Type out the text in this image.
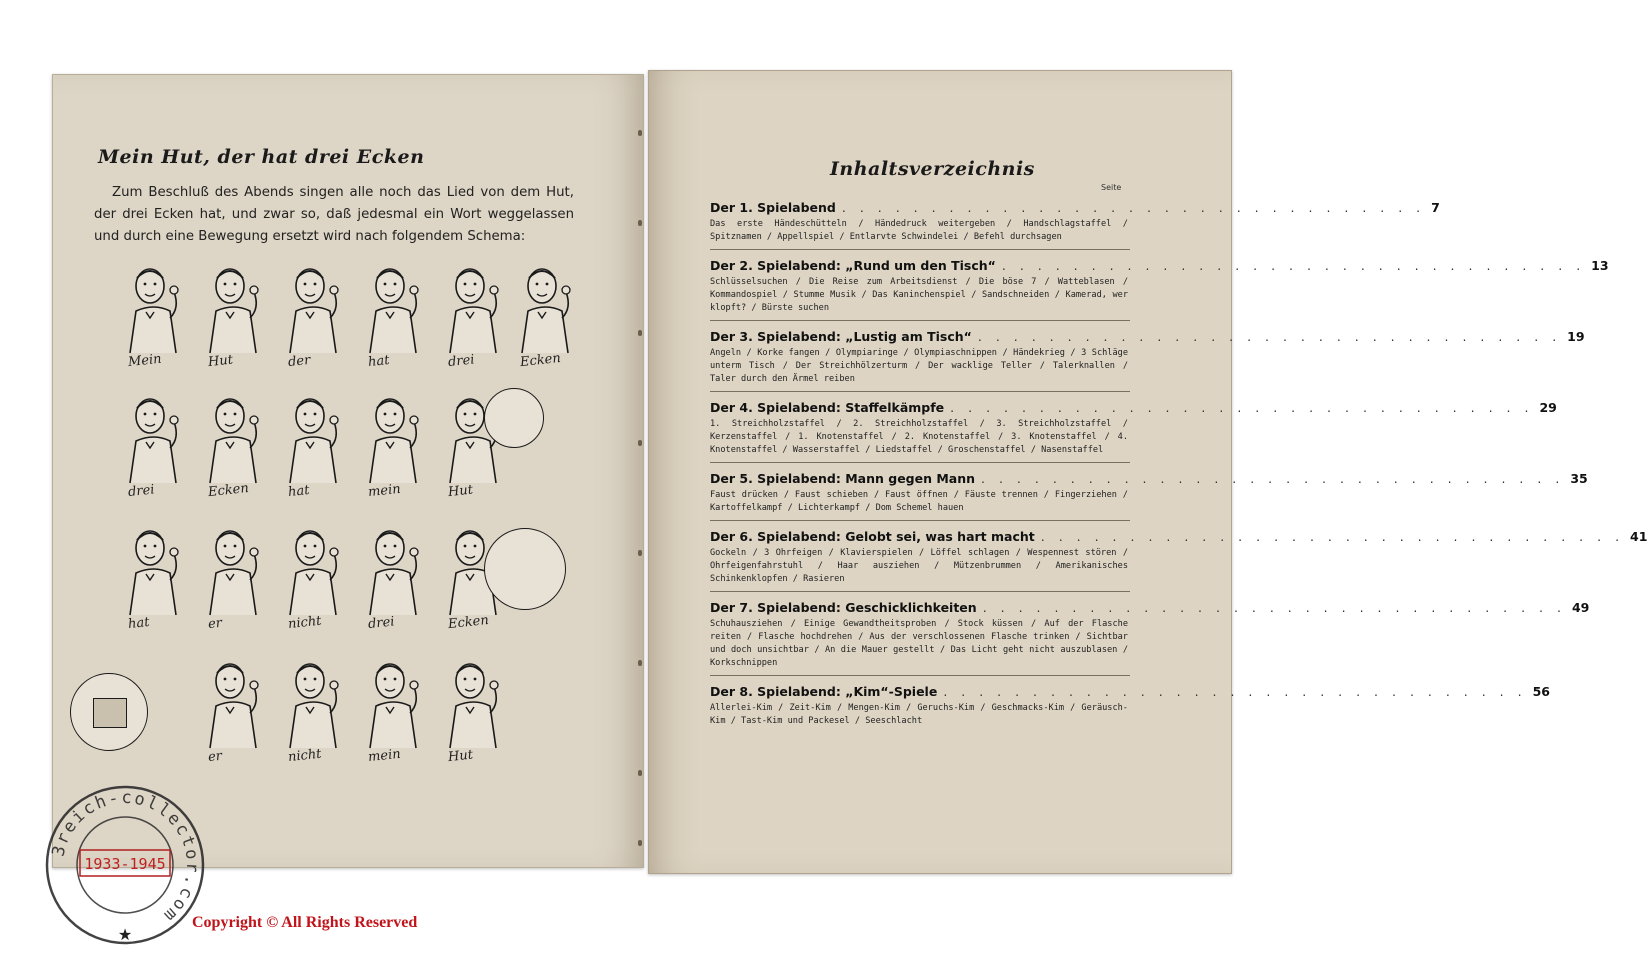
Mein Hut, der hat drei Ecken

Zum Beschluß des Abends singen alle noch das Lied von dem Hut, der drei Ecken hat, und zwar so, daß jedesmal ein Wort weggelassen und durch eine Bewegung ersetzt wird nach folgendem Schema:

Mein	Hut	der	hat	drei	Ecken
drei	Ecken	hat	mein	Hut
hat	er	nicht	drei	Ecken
er	nicht	mein	Hut
Inhaltsverzeichnis
Seite
Der 1. Spielabend . . . . . . . . . . . . . . . . . . . . . . . . . . . . . . . . . 7
Das erste Händeschütteln / Händedruck weitergeben / Handschlagstaffel / Spitznamen / Appellspiel / Entlarvte Schwindelei / Befehl durchsagen
Der 2. Spielabend: „Rund um den Tisch“ . . . . . . . . . . . . . . . . . . . . . . . . . . . . . . . . . 13
Schlüsselsuchen / Die Reise zum Arbeitsdienst / Die böse 7 / Watteblasen / Kommandospiel / Stumme Musik / Das Kaninchenspiel / Sandschneiden / Kamerad, wer klopft? / Bürste suchen
Der 3. Spielabend: „Lustig am Tisch“ . . . . . . . . . . . . . . . . . . . . . . . . . . . . . . . . . 19
Angeln / Korke fangen / Olympiaringe / Olympiaschnippen / Händekrieg / 3 Schläge unterm Tisch / Der Streichhölzerturm / Der wacklige Teller / Talerknallen / Taler durch den Ärmel reiben
Der 4. Spielabend: Staffelkämpfe . . . . . . . . . . . . . . . . . . . . . . . . . . . . . . . . . 29
1. Streichholzstaffel / 2. Streichholzstaffel / 3. Streichholzstaffel / Kerzenstaffel / 1. Knotenstaffel / 2. Knotenstaffel / 3. Knotenstaffel / 4. Knotenstaffel / Wasserstaffel / Liedstaffel / Groschenstaffel / Nasenstaffel
Der 5. Spielabend: Mann gegen Mann . . . . . . . . . . . . . . . . . . . . . . . . . . . . . . . . . 35
Faust drücken / Faust schieben / Faust öffnen / Fäuste trennen / Fingerziehen / Kartoffelkampf / Lichterkampf / Dom Schemel hauen
Der 6. Spielabend: Gelobt sei, was hart macht . . . . . . . . . . . . . . . . . . . . . . . . . . . . . . . . . 41
Gockeln / 3 Ohrfeigen / Klavierspielen / Löffel schlagen / Wespennest stören / Ohrfeigenfahrstuhl / Haar ausziehen / Mützenbrummen / Amerikanisches Schinkenklopfen / Rasieren
Der 7. Spielabend: Geschicklichkeiten . . . . . . . . . . . . . . . . . . . . . . . . . . . . . . . . . 49
Schuhausziehen / Einige Gewandtheitsproben / Stock küssen / Auf der Flasche reiten / Flasche hochdrehen / Aus der verschlossenen Flasche trinken / Sichtbar und doch unsichtbar / An die Mauer gestellt / Das Licht geht nicht auszublasen / Korkschnippen
Der 8. Spielabend: „Kim“-Spiele . . . . . . . . . . . . . . . . . . . . . . . . . . . . . . . . . 56
Allerlei-Kim / Zeit-Kim / Mengen-Kim / Geruchs-Kim / Geschmacks-Kim / Geräusch-Kim / Tast-Kim und Packesel / Seeschlacht
3reich-collector.com
1933-1945
★
Copyright © All Rights Reserved
